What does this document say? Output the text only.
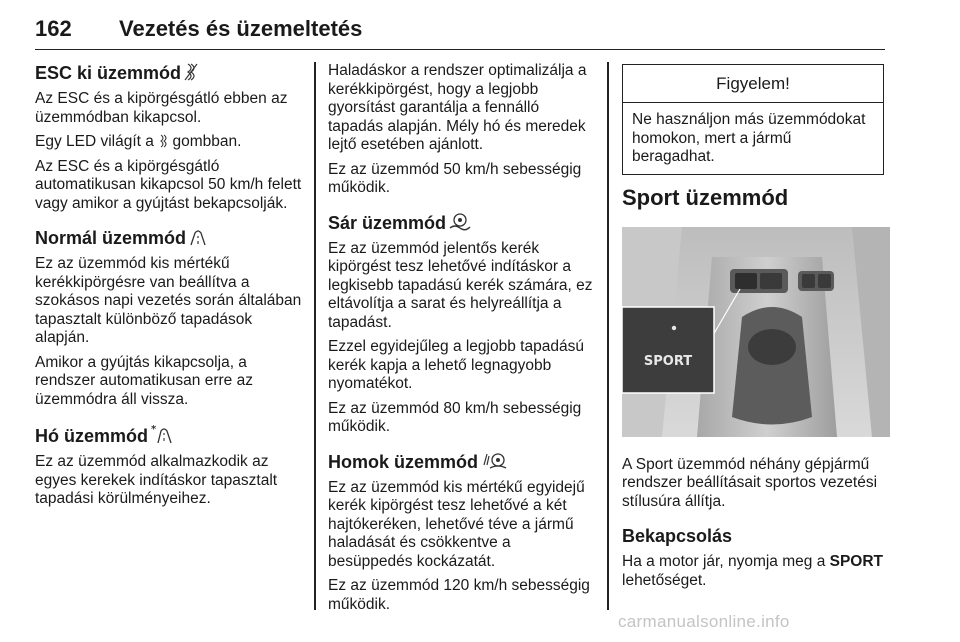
162 Vezetés és üzemeltetés
ESC ki üzemmód

Az ESC és a kipörgésgátló ebben az üzemmódban kikapcsol.

Egy LED világít a gombban.

Az ESC és a kipörgésgátló automatikusan kikapcsol 50 km/h felett vagy amikor a gyújtást bekapcsolják.

Normál üzemmód

Ez az üzemmód kis mértékű kerékkipörgésre van beállítva a szokásos napi vezetés során általában tapasztalt különböző tapadások alapján.

Amikor a gyújtás kikapcsolja, a rendszer automatikusan erre az üzemmódra áll vissza.

Hó üzemmód *

Ez az üzemmód alkalmazkodik az egyes kerekek indításkor tapasztalt tapadási körülményeihez.

Haladáskor a rendszer optimalizálja a kerékkipörgést, hogy a legjobb gyorsítást garantálja a fennálló tapadás alapján. Mély hó és meredek lejtő esetében ajánlott.

Ez az üzemmód 50 km/h sebességig működik.

Sár üzemmód

Ez az üzemmód jelentős kerék kipörgést tesz lehetővé indításkor a legkisebb tapadású kerék számára, ez eltávolítja a sarat és helyreállítja a tapadást.

Ezzel egyidejűleg a legjobb tapadású kerék kapja a lehető legnagyobb nyomatékot.

Ez az üzemmód 80 km/h sebességig működik.

Homok üzemmód

Ez az üzemmód kis mértékű egyidejű kerék kipörgést tesz lehetővé a két hajtókeréken, lehetővé téve a jármű haladását és csökkentve a besüppedés kockázatát.

Ez az üzemmód 120 km/h sebességig működik.

Figyelem!
Ne használjon más üzemmódokat homokon, mert a jármű beragadhat.
Sport üzemmód
SPORT

A Sport üzemmód néhány gépjármű rendszer beállításait sportos vezetési stílusúra állítja.

Bekapcsolás

Ha a motor jár, nyomja meg a SPORT lehetőséget.

carmanualsonline.info
